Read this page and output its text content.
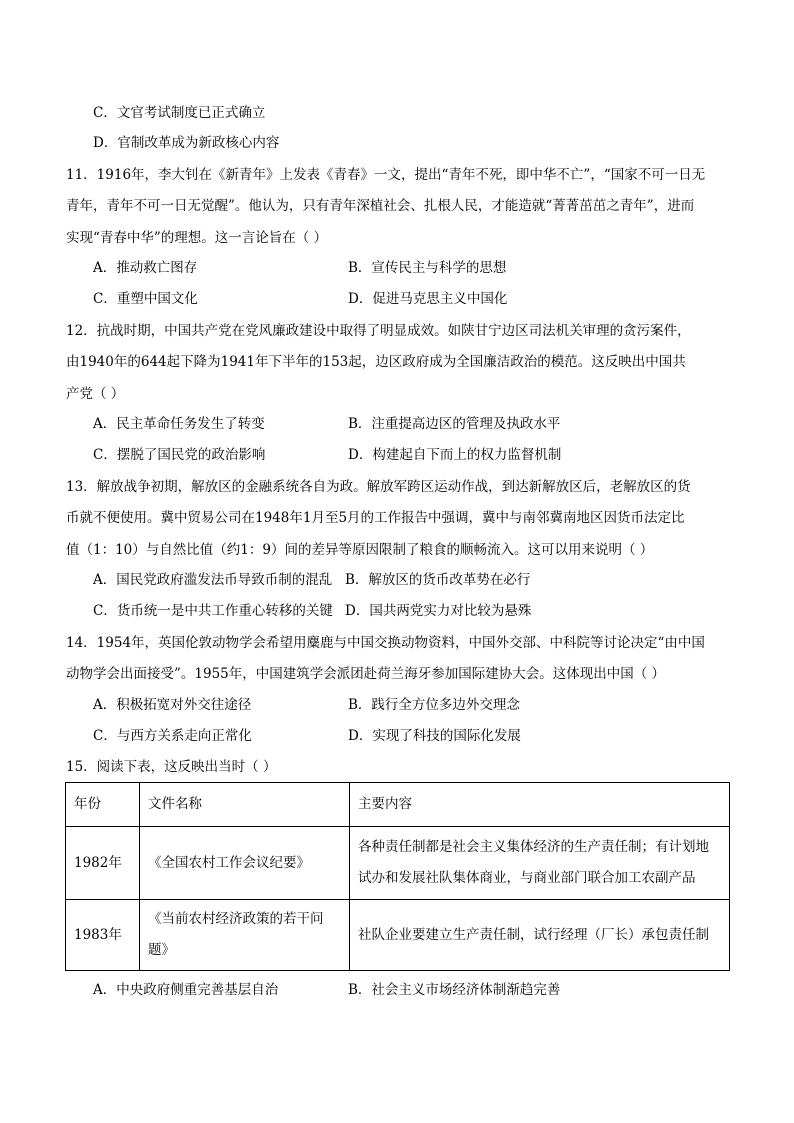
C．文官考试制度已正式确立
D．官制改革成为新政核心内容
11．1916年，李大钊在《新青年》上发表《青春》一文，提出“青年不死，即中华不亡”，“国家不可一日无
青年，青年不可一日无觉醒”。他认为，只有青年深植社会、扎根人民，才能造就“菁菁茁茁之青年”，进而
实现“青春中华”的理想。这一言论旨在（ ）
A．推动救亡图存	B．宣传民主与科学的思想
C．重塑中国文化	D．促进马克思主义中国化
12．抗战时期，中国共产党在党风廉政建设中取得了明显成效。如陕甘宁边区司法机关审理的贪污案件，
由1940年的644起下降为1941年下半年的153起，边区政府成为全国廉洁政治的模范。这反映出中国共
产党（ ）
A．民主革命任务发生了转变	B．注重提高边区的管理及执政水平
C．摆脱了国民党的政治影响	D．构建起自下而上的权力监督机制
13．解放战争初期，解放区的金融系统各自为政。解放军跨区运动作战，到达新解放区后，老解放区的货
币就不便使用。冀中贸易公司在1948年1月至5月的工作报告中强调，冀中与南邻冀南地区因货币法定比
值（1：10）与自然比值（约1：9）间的差异等原因限制了粮食的顺畅流入。这可以用来说明（ ）
A．国民党政府滥发法币导致币制的混乱 B．解放区的货币改革势在必行
C．货币统一是中共工作重心转移的关键 D．国共两党实力对比较为悬殊
14．1954年，英国伦敦动物学会希望用麋鹿与中国交换动物资料，中国外交部、中科院等讨论决定“由中国
动物学会出面接受”。1955年，中国建筑学会派团赴荷兰海牙参加国际建协大会。这体现出中国（ ）
A．积极拓宽对外交往途径	B．践行全方位多边外交理念
C．与西方关系走向正常化	D．实现了科技的国际化发展
15．阅读下表，这反映出当时（ ）
年份	文件名称	主要内容
1982年	《全国农村工作会议纪要》	各种责任制都是社会主义集体经济的生产责任制；有计划地试办和发展社队集体商业，与商业部门联合加工农副产品
1983年	《当前农村经济政策的若干问题》	社队企业要建立生产责任制，试行经理（厂长）承包责任制
A．中央政府侧重完善基层自治	B．社会主义市场经济体制渐趋完善
